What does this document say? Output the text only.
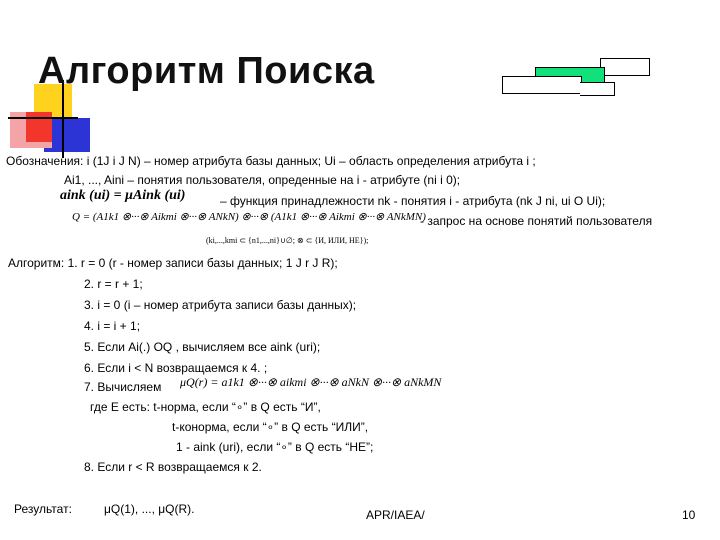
Алгоритм Поиска
Обозначения: i (1Ј i Ј N) – номер атрибута базы данных; Ui – область определения атрибута i ;
Ai1, ..., Aini – понятия пользователя, опреденные на i - атрибуте (ni і 0);
aink (ui) = μAink (ui)	– функция принадлежности nk - понятия i - атрибута (nk Ј ni, ui О Ui);
Q = (A1k1 ⊗···⊗ Aikmi ⊗···⊗ ANkN) ⊗···⊗ (A1k1 ⊗···⊗ Aikmi ⊗···⊗ ANkMN)
- запрос на основе понятий пользователя
(ki,...,kmi ⊂ {n1,...,ni}∪∅; ⊗ ⊂ {И, ИЛИ, НЕ});
Алгоритм: 1. r = 0 (r - номер записи базы данных; 1 Ј r Ј R);
2. r = r + 1;
3. i = 0 (i – номер атрибута записи базы данных);
4. i = i + 1;
5. Если Ai(.) ОQ , вычисляем все aink (uri);
6. Если i < N возвращаемся к 4. ;
7. Вычисляем μQ(r) = a1k1 ⊗···⊗ aikmi ⊗···⊗ aNkN ⊗···⊗ aNkMN
где Е есть: t-норма, если “∘” в Q есть “И”,
t-конорма, если “∘” в Q есть “ИЛИ”,
1 - aink (uri), если “∘” в Q есть “НЕ”;
8. Если r < R возвращаемся к 2.
Результат:	μQ(1), ..., μQ(R).	APR/IAEA/	10
